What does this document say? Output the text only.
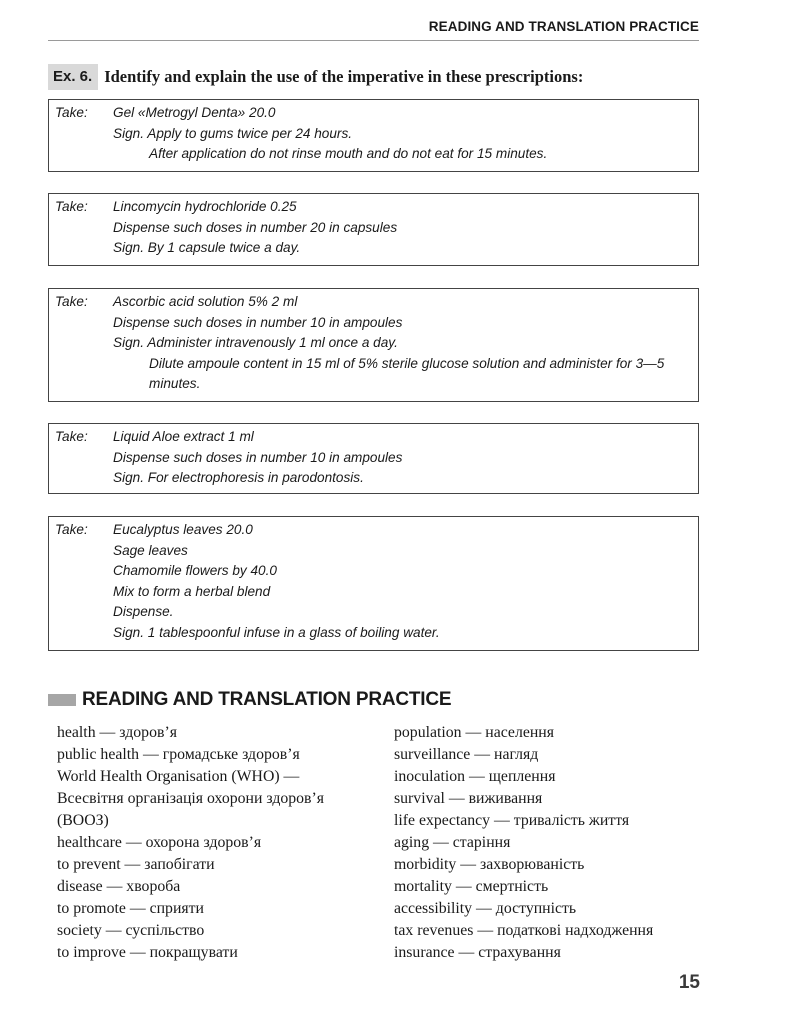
READING AND TRANSLATION PRACTICE
Ex. 6. Identify and explain the use of the imperative in these prescriptions:
Take:	Gel «Metrogyl Denta» 20.0
Sign. Apply to gums twice per 24 hours.
After application do not rinse mouth and do not eat for 15 minutes.
Take:	Lincomycin hydrochloride 0.25
Dispense such doses in number 20 in capsules
Sign. By 1 capsule twice a day.
Take:	Ascorbic acid solution 5% 2 ml
Dispense such doses in number 10 in ampoules
Sign. Administer intravenously 1 ml once a day.
Dilute ampoule content in 15 ml of 5% sterile glucose solution and administer for 3—5 minutes.
Take:	Liquid Aloe extract 1 ml
Dispense such doses in number 10 in ampoules
Sign. For electrophoresis in parodontosis.
Take:	Eucalyptus leaves 20.0
Sage leaves
Chamomile flowers by 40.0
Mix to form a herbal blend
Dispense.
Sign. 1 tablespoonful infuse in a glass of boiling water.
READING AND TRANSLATION PRACTICE
health — здоров’я
public health — громадське здоров’я
World Health Organisation (WHO) —
Всесвітня організація охорони здоров’я
(ВООЗ)
healthcare — охорона здоров’я
to prevent — запобігати
disease — хвороба
to promote — сприяти
society — суспільство
to improve — покращувати
population — населення
surveillance — нагляд
inoculation — щеплення
survival — виживання
life expectancy — тривалість життя
aging — старіння
morbidity — захворюваність
mortality — смертність
accessibility — доступність
tax revenues — податкові надходження
insurance — страхування
15
